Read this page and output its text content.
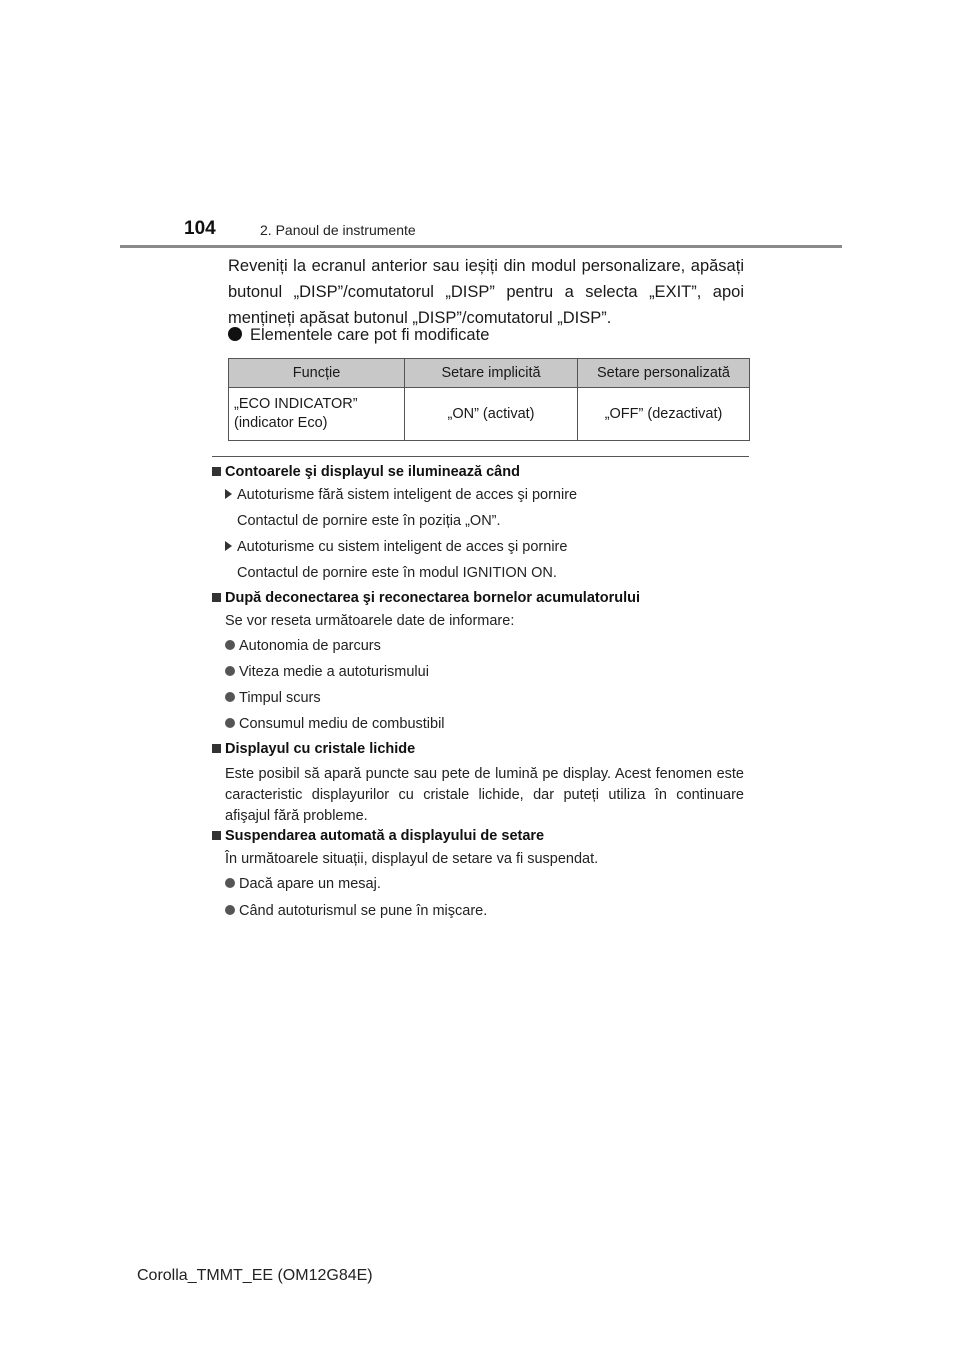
104	2. Panoul de instrumente

Reveniți la ecranul anterior sau ieșiți din modul personalizare, apăsați butonul „DISP”/comutatorul „DISP” pentru a selecta „EXIT”, apoi mențineți apăsat butonul „DISP”/comutatorul „DISP”.

Elementele care pot fi modificate
Funcție	Setare implicită	Setare personalizată
„ECO INDICATOR”
(indicator Eco)	„ON” (activat)	„OFF” (dezactivat)
Contoarele şi displayul se iluminează când
Autoturisme fără sistem inteligent de acces şi pornire
Contactul de pornire este în poziția „ON”.
Autoturisme cu sistem inteligent de acces şi pornire
Contactul de pornire este în modul IGNITION ON.
După deconectarea şi reconectarea bornelor acumulatorului
Se vor reseta următoarele date de informare:
Autonomia de parcurs
Viteza medie a autoturismului
Timpul scurs
Consumul mediu de combustibil
Displayul cu cristale lichide
Este posibil să apară puncte sau pete de lumină pe display. Acest fenomen este caracteristic displayurilor cu cristale lichide, dar puteți utiliza în continuare afişajul fără probleme.
Suspendarea automată a displayului de setare
În următoarele situații, displayul de setare va fi suspendat.
Dacă apare un mesaj.
Când autoturismul se pune în mişcare.
Corolla_TMMT_EE (OM12G84E)
